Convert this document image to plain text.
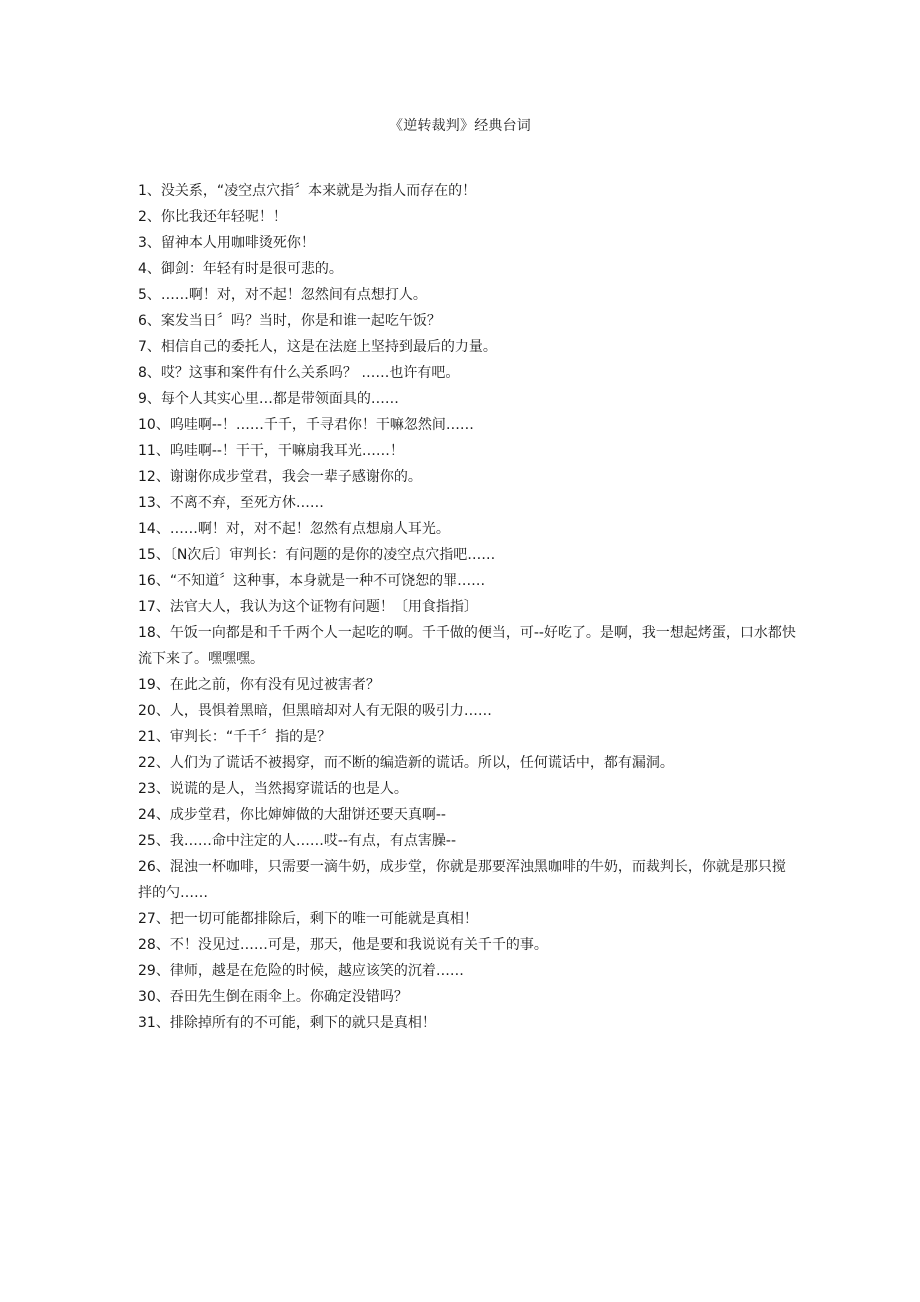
《逆转裁判》经典台词
1、没关系，“凌空点穴指〞本来就是为指人而存在的！
2、你比我还年轻呢！！
3、留神本人用咖啡烫死你！
4、御剑：年轻有时是很可悲的。
5、……啊！对，对不起！忽然间有点想打人。
6、案发当日〞吗？当时，你是和谁一起吃午饭？
7、相信自己的委托人，这是在法庭上坚持到最后的力量。
8、哎？这事和案件有什么关系吗？ ……也许有吧。
9、每个人其实心里…都是带领面具的……
10、呜哇啊--！……千千，千寻君你！干嘛忽然间……
11、呜哇啊--！干干，干嘛扇我耳光……！
12、谢谢你成步堂君，我会一辈子感谢你的。
13、不离不弃，至死方休……
14、……啊！对，对不起！忽然有点想扇人耳光。
15、〔N次后〕审判长：有问题的是你的凌空点穴指吧……
16、“不知道〞这种事，本身就是一种不可饶恕的罪……
17、法官大人，我认为这个证物有问题！〔用食指指〕
18、午饭一向都是和千千两个人一起吃的啊。千千做的便当，可--好吃了。是啊，我一想起烤蛋，口水都快流下来了。嘿嘿嘿。
19、在此之前，你有没有见过被害者？
20、人，畏惧着黑暗，但黑暗却对人有无限的吸引力……
21、审判长：“千千〞指的是？
22、人们为了谎话不被揭穿，而不断的编造新的谎话。所以，任何谎话中，都有漏洞。
23、说谎的是人，当然揭穿谎话的也是人。
24、成步堂君，你比婶婶做的大甜饼还要天真啊--
25、我……命中注定的人……哎--有点，有点害臊--
26、混浊一杯咖啡，只需要一滴牛奶，成步堂，你就是那要浑浊黑咖啡的牛奶，而裁判长，你就是那只搅拌的勺……
27、把一切可能都排除后，剩下的唯一可能就是真相！
28、不！没见过……可是，那天，他是要和我说说有关千千的事。
29、律师，越是在危险的时候，越应该笑的沉着……
30、吞田先生倒在雨伞上。你确定没错吗？
31、排除掉所有的不可能，剩下的就只是真相！
